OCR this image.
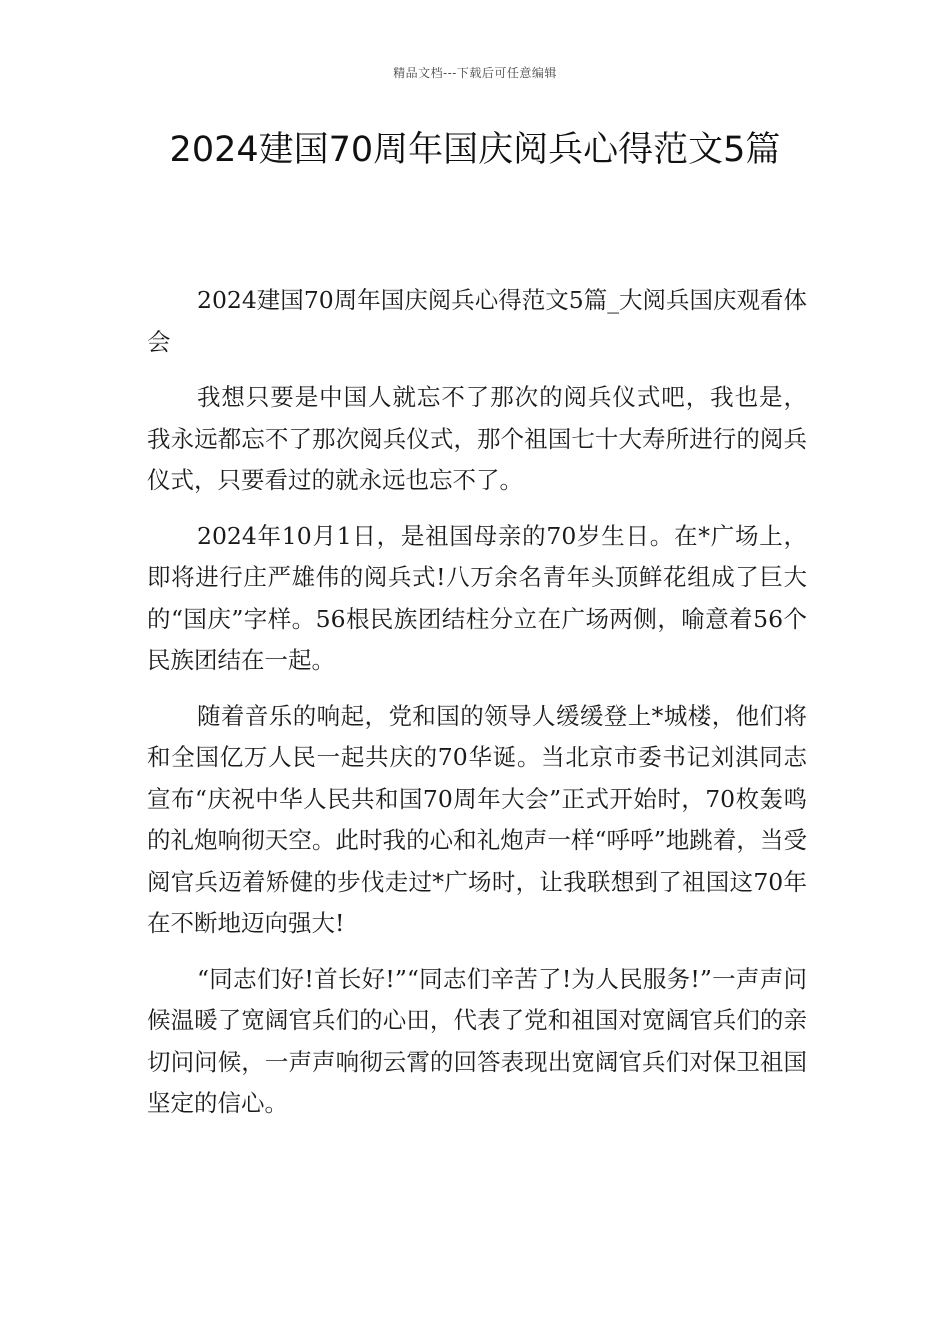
精品文档---下载后可任意编辑
2024建国70周年国庆阅兵心得范文5篇

2024建国70周年国庆阅兵心得范文5篇_大阅兵国庆观看体会

我想只要是中国人就忘不了那次的阅兵仪式吧，我也是，我永远都忘不了那次阅兵仪式，那个祖国七十大寿所进行的阅兵仪式，只要看过的就永远也忘不了。

2024年10月1日，是祖国母亲的70岁生日。在*广场上，即将进行庄严雄伟的阅兵式!八万余名青年头顶鲜花组成了巨大的“国庆”字样。56根民族团结柱分立在广场两侧，喻意着56个民族团结在一起。

随着音乐的响起，党和国的领导人缓缓登上*城楼，他们将和全国亿万人民一起共庆的70华诞。当北京市委书记刘淇同志宣布“庆祝中华人民共和国70周年大会”正式开始时，70枚轰鸣的礼炮响彻天空。此时我的心和礼炮声一样“呼呼”地跳着，当受阅官兵迈着矫健的步伐走过*广场时，让我联想到了祖国这70年在不断地迈向强大!

“同志们好!首长好!”“同志们辛苦了!为人民服务!”一声声问候温暖了宽阔官兵们的心田，代表了党和祖国对宽阔官兵们的亲切问问候，一声声响彻云霄的回答表现出宽阔官兵们对保卫祖国坚定的信心。
